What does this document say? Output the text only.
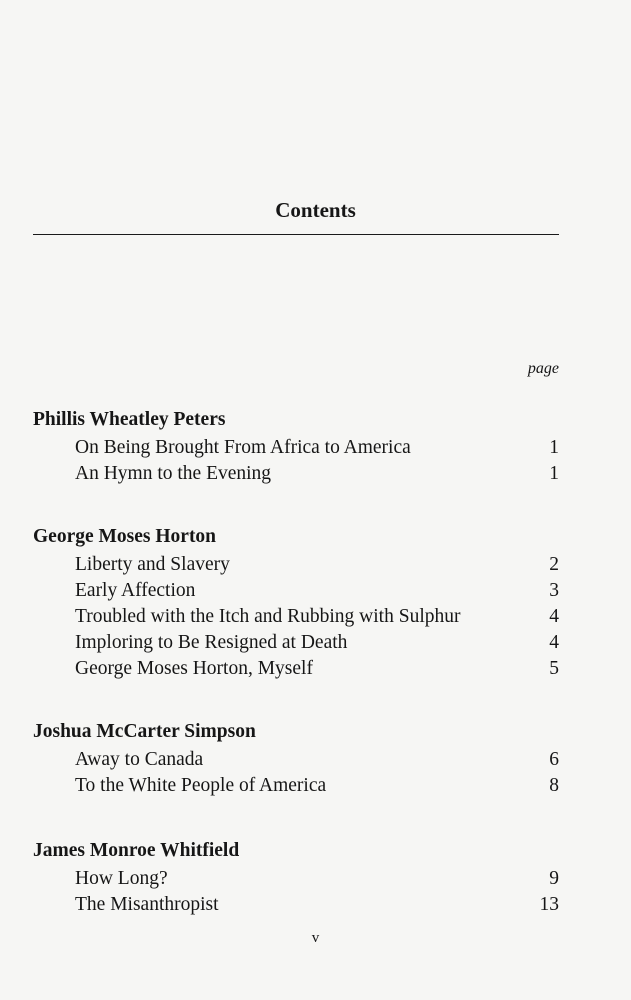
Contents
page
Phillis Wheatley Peters
On Being Brought From Africa to America	1
An Hymn to the Evening	1
George Moses Horton
Liberty and Slavery	2
Early Affection	3
Troubled with the Itch and Rubbing with Sulphur	4
Imploring to Be Resigned at Death	4
George Moses Horton, Myself	5
Joshua McCarter Simpson
Away to Canada	6
To the White People of America	8
James Monroe Whitfield
How Long?	9
The Misanthropist	13
v
